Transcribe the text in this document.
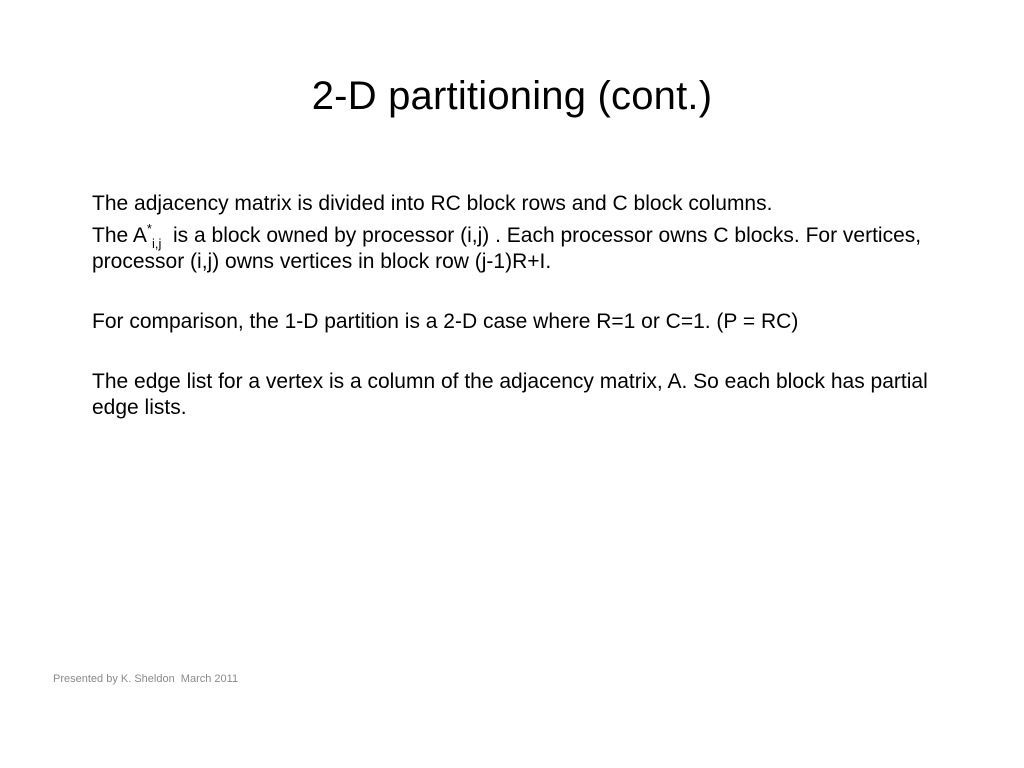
2-D partitioning (cont.)

The adjacency matrix is divided into RC block rows and C block columns.

The $A^*_{i,j}$  is a block owned by processor (i,j) . Each processor owns C blocks. For vertices, processor (i,j) owns vertices in block row (j-1)R+I.

For comparison, the 1-D partition is a 2-D case where R=1 or C=1. (P = RC)

The edge list for a vertex is a column of the adjacency matrix, A. So each block has partial edge lists.

Presented by K. Sheldon  March 2011
